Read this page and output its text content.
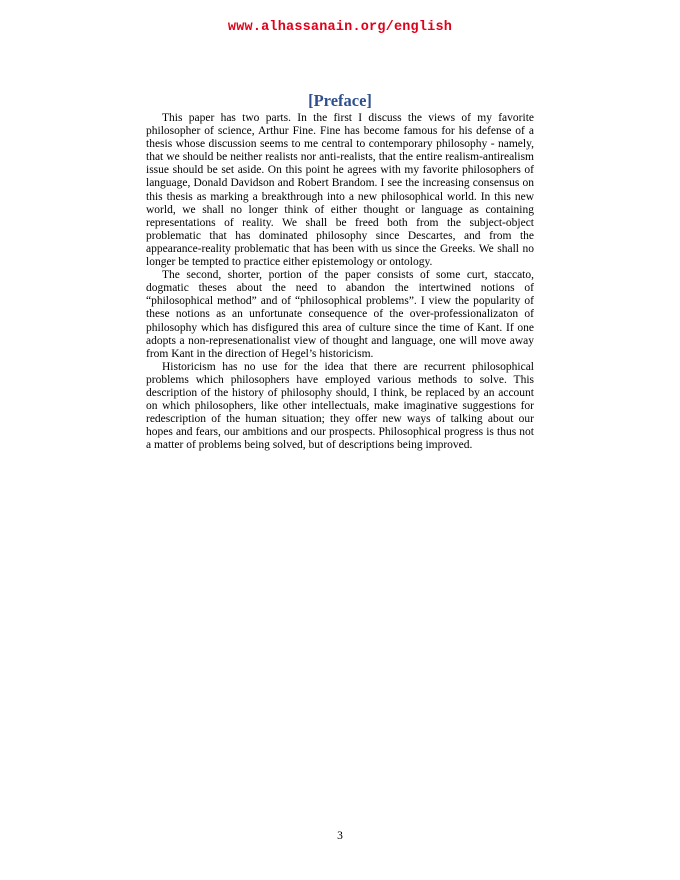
www.alhassanain.org/english
[Preface]

This paper has two parts. In the first I discuss the views of my favorite philosopher of science, Arthur Fine. Fine has become famous for his defense of a thesis whose discussion seems to me central to contemporary philosophy - namely, that we should be neither realists nor anti-realists, that the entire realism-antirealism issue should be set aside. On this point he agrees with my favorite philosophers of language, Donald Davidson and Robert Brandom. I see the increasing consensus on this thesis as marking a breakthrough into a new philosophical world. In this new world, we shall no longer think of either thought or language as containing representations of reality. We shall be freed both from the subject-object problematic that has dominated philosophy since Descartes, and from the appearance-reality problematic that has been with us since the Greeks. We shall no longer be tempted to practice either epistemology or ontology.

The second, shorter, portion of the paper consists of some curt, staccato, dogmatic theses about the need to abandon the intertwined notions of “philosophical method” and of “philosophical problems”. I view the popularity of these notions as an unfortunate consequence of the over-professionalizaton of philosophy which has disfigured this area of culture since the time of Kant. If one adopts a non-represenationalist view of thought and language, one will move away from Kant in the direction of Hegel’s historicism.

Historicism has no use for the idea that there are recurrent philosophical problems which philosophers have employed various methods to solve. This description of the history of philosophy should, I think, be replaced by an account on which philosophers, like other intellectuals, make imaginative suggestions for redescription of the human situation; they offer new ways of talking about our hopes and fears, our ambitions and our prospects. Philosophical progress is thus not a matter of problems being solved, but of descriptions being improved.

3
